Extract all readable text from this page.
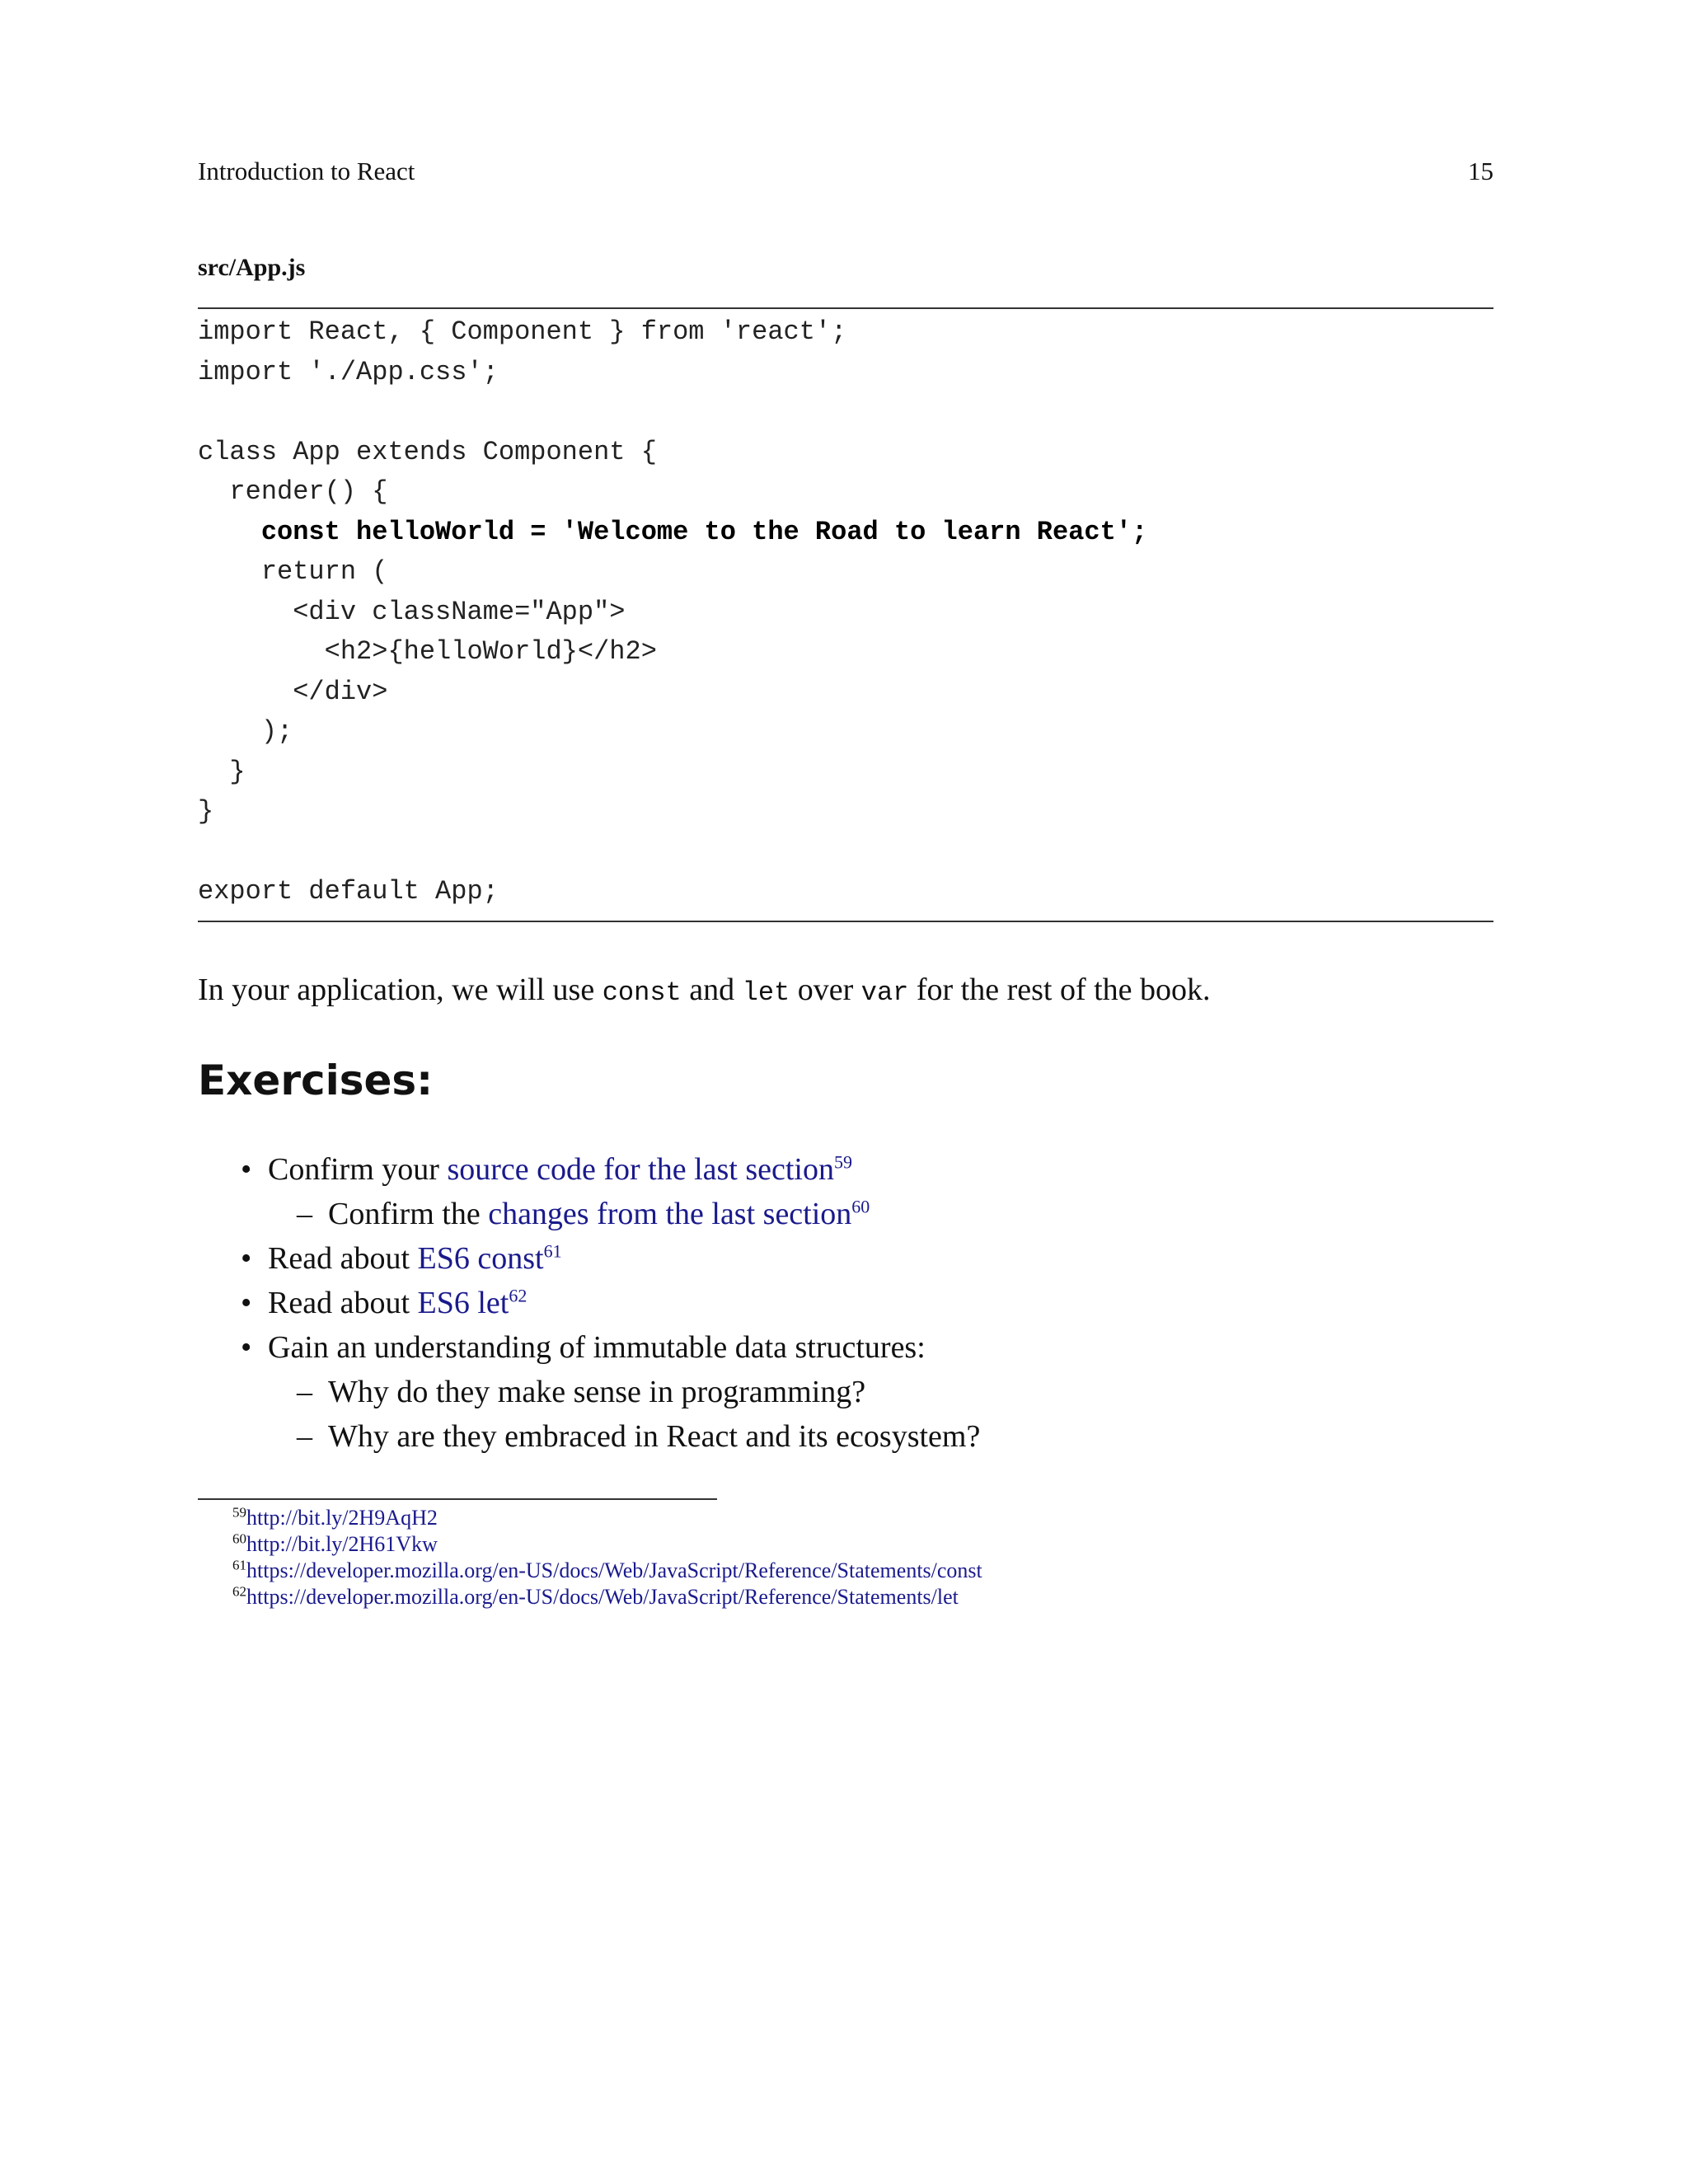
Introduction to React	15
src/App.js
import React, { Component } from 'react';
import './App.css';
class App extends Component {
render() {
const helloWorld = 'Welcome to the Road to learn React';
return (
<div className="App">
<h2>{helloWorld}</h2>
</div>
);
}
}
export default App;

In your application, we will use const and let over var for the rest of the book.

Exercises:
• Confirm your source code for the last section$^{59}$
– Confirm the changes from the last section$^{60}$
• Read about ES6 const$^{61}$
• Read about ES6 let$^{62}$
• Gain an understanding of immutable data structures:
– Why do they make sense in programming?
– Why are they embraced in React and its ecosystem?
$^{59}$http://bit.ly/2H9AqH2
$^{60}$http://bit.ly/2H61Vkw
$^{61}$https://developer.mozilla.org/en-US/docs/Web/JavaScript/Reference/Statements/const
$^{62}$https://developer.mozilla.org/en-US/docs/Web/JavaScript/Reference/Statements/let
